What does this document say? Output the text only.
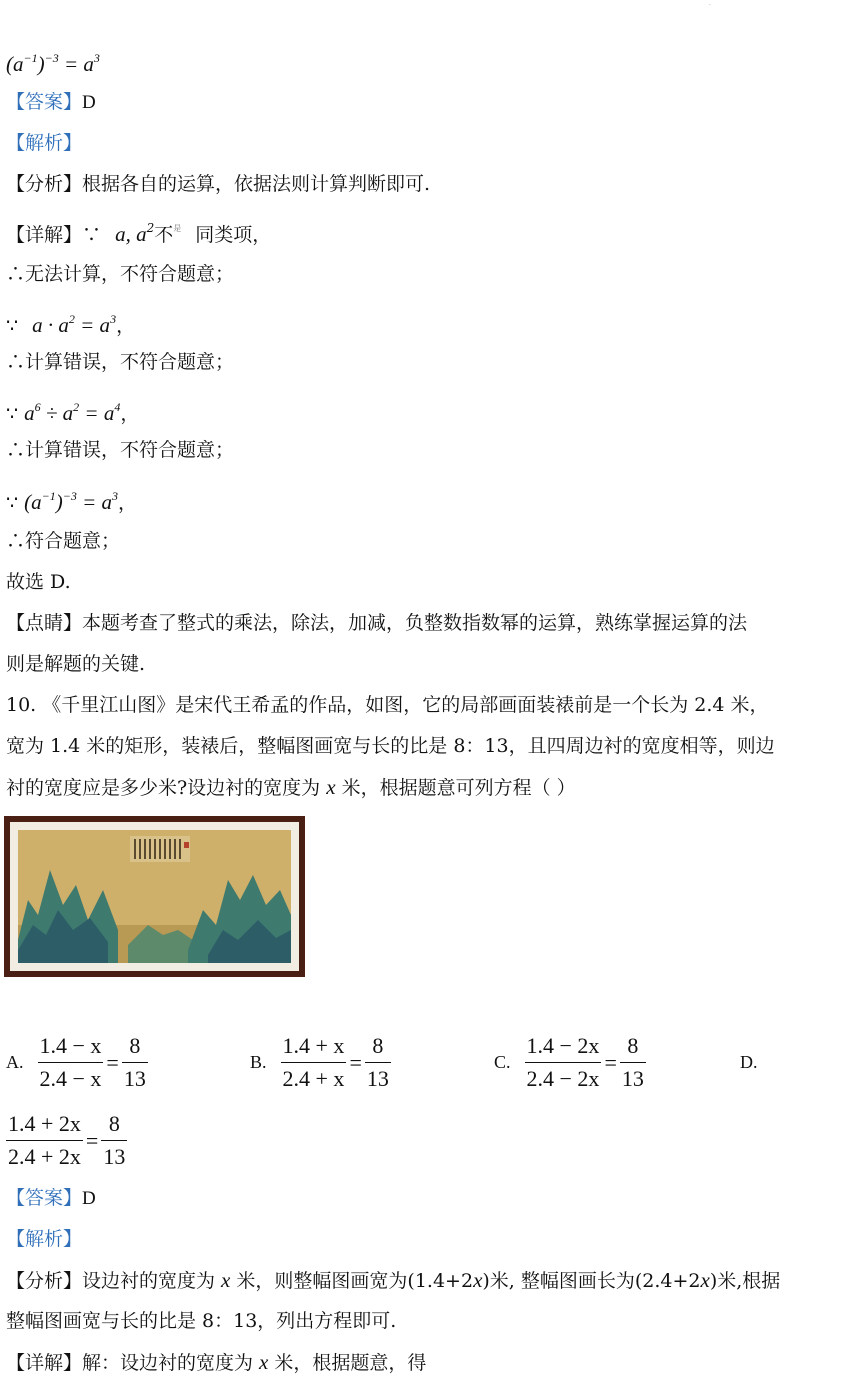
·
$(a^{-1})^{-3} = a^3$
【答案】D
【解析】
【分析】根据各自的运算，依据法则计算判断即可.
【详解】∵ a, $a^2$不$^是$ 同类项，
∴无法计算，不符合题意；
∵ $a \cdot a^2 = a^3$，
∴计算错误，不符合题意；
∵ $a^6 \div a^2 = a^4$，
∴计算错误，不符合题意；
∵ $(a^{-1})^{-3} = a^3$，
∴符合题意；
故选 D.
【点睛】本题考查了整式的乘法，除法，加减，负整数指数幂的运算，熟练掌握运算的法
则是解题的关键.
10. 《千里江山图》是宋代王希孟的作品，如图，它的局部画面装裱前是一个长为 2.4 米，
宽为 1.4 米的矩形，装裱后，整幅图画宽与长的比是 8：13，且四周边衬的宽度相等，则边
衬的宽度应是多少米?设边衬的宽度为 x 米，根据题意可列方程（ ）
A. $\frac{1.4 - x}{2.4 - x} = \frac{8}{13}$	B. $\frac{1.4 + x}{2.4 + x} = \frac{8}{13}$	C. $\frac{1.4 - 2x}{2.4 - 2x} = \frac{8}{13}$	D.
$\frac{1.4 + 2x}{2.4 + 2x} = \frac{8}{13}$
【答案】D
【解析】
【分析】设边衬的宽度为 x 米，则整幅图画宽为(1.4+2x)米, 整幅图画长为(2.4+2x)米,根据
整幅图画宽与长的比是 8：13，列出方程即可.
【详解】解：设边衬的宽度为 x 米，根据题意，得
